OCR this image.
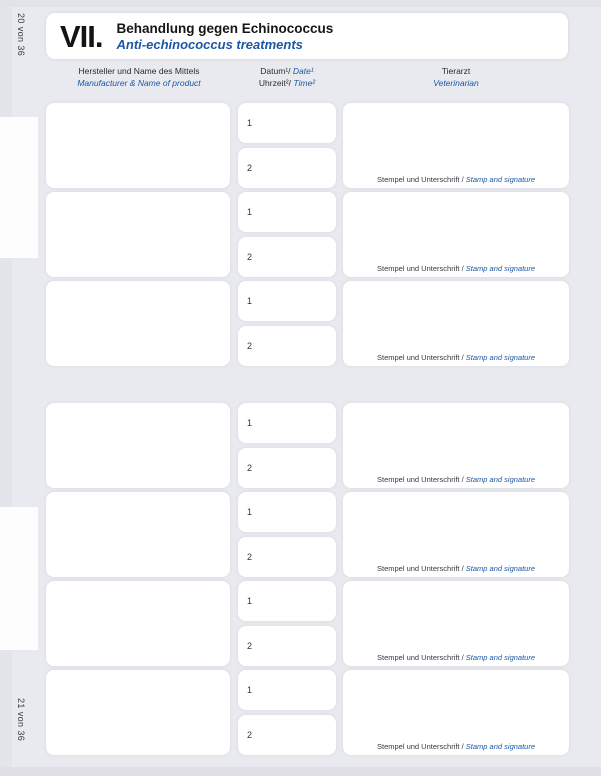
20 von 36
21 von 36
VII.	Behandlung gegen Echinococcus
Anti-echinococcus treatments
Hersteller und Name des Mittels
Manufacturer & Name of product
Datum¹/ Date¹
Uhrzeit²/ Time²
Tierarzt
Veterinarian
1
2
Stempel und Unterschrift / Stamp and signature
1
2
Stempel und Unterschrift / Stamp and signature
1
2
Stempel und Unterschrift / Stamp and signature
1
2
Stempel und Unterschrift / Stamp and signature
1
2
Stempel und Unterschrift / Stamp and signature
1
2
Stempel und Unterschrift / Stamp and signature
1
2
Stempel und Unterschrift / Stamp and signature
